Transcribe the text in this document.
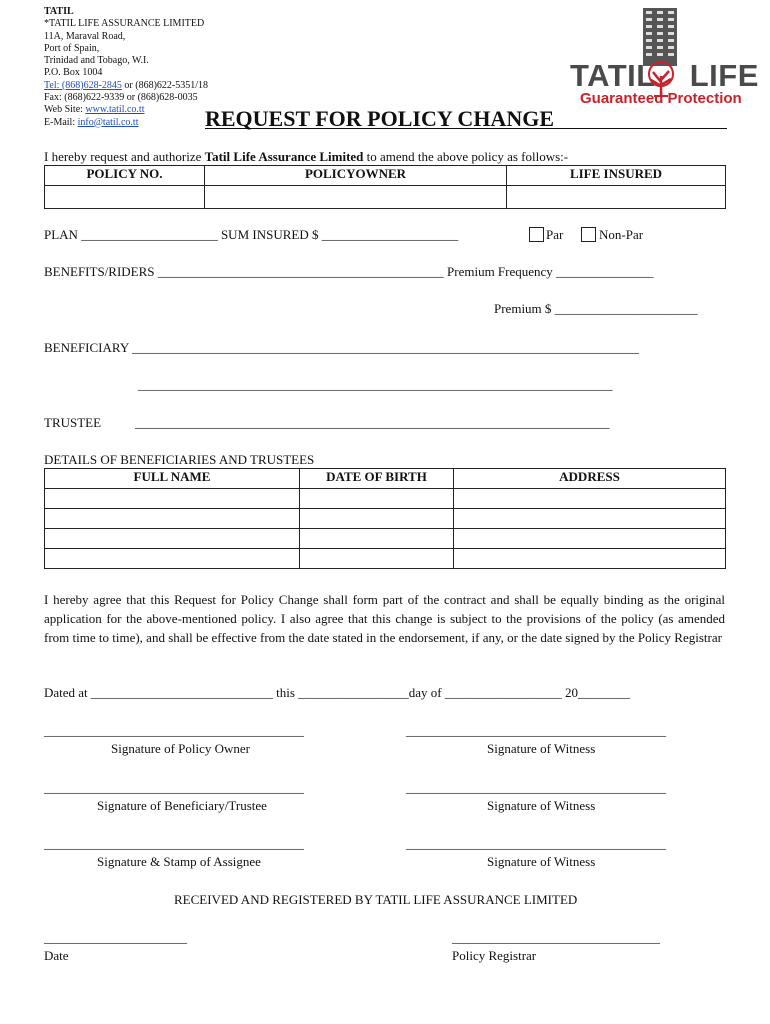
TATIL
*TATIL LIFE ASSURANCE LIMITED
11A, Maraval Road,
Port of Spain,
Trinidad and Tobago, W.I.
P.O. Box 1004
Tel: (868)628-2845 or (868)622-5351/18
Fax: (868)622-9339 or (868)628-0035
Web Site: www.tatil.co.tt
E-Mail: info@tatil.co.tt
TATIL LIFE
Guaranteed Protection
REQUEST FOR POLICY CHANGE
I hereby request and authorize Tatil Life Assurance Limited to amend the above policy as follows:-
POLICY NO.	POLICYOWNER	LIFE INSURED

PLAN _____________________ SUM INSURED $ _____________________	Par	Non-Par
BENEFITS/RIDERS ____________________________________________ Premium Frequency _______________
Premium $ ______________________
BENEFICIARY ______________________________________________________________________________
_________________________________________________________________________
TRUSTEE	_________________________________________________________________________
DETAILS OF BENEFICIARIES AND TRUSTEES
FULL NAME	DATE OF BIRTH	ADDRESS

I hereby agree that this Request for Policy Change shall form part of the contract and shall be equally binding as the original application for the above-mentioned policy. I also agree that this change is subject to the provisions of the policy (as amended from time to time), and shall be effective from the date stated in the endorsement, if any, or the date signed by the Policy Registrar
Dated at ____________________________ this _________________day of __________________ 20________
________________________________________	________________________________________
Signature of Policy Owner	Signature of Witness
________________________________________	________________________________________
Signature of Beneficiary/Trustee	Signature of Witness
________________________________________	________________________________________
Signature & Stamp of Assignee	Signature of Witness
RECEIVED AND REGISTERED BY TATIL LIFE ASSURANCE LIMITED
______________________	________________________________
Date	Policy Registrar
